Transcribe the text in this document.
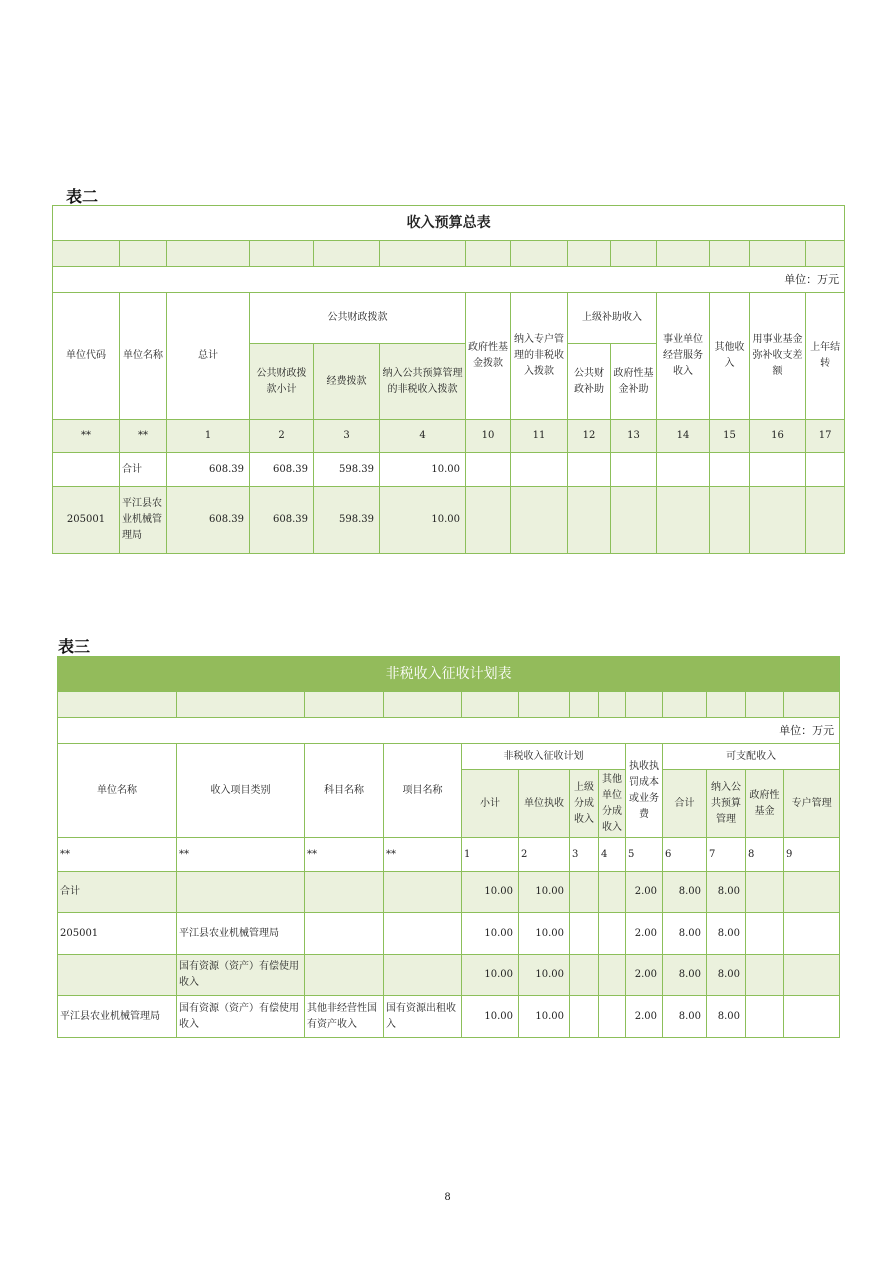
表二
收入预算总表													

单位：万元													
单位代码	单位名称	总计	公共财政拨款			政府性基金拨款	纳入专户管理的非税收入拨款	上级补助收入		事业单位经营服务收入	其他收入	用事业基金弥补收支差额	上年结转
			公共财政拨款小计	经费拨款	纳入公共预算管理的非税收入拨款			公共财政补助	政府性基金补助				

**	**	1	2	3	4	10	11	12	13	14	15	16	17
	合计	608.39	608.39	598.39	10.00								
205001	平江县农业机械管理局	608.39	608.39	598.39	10.00								
表三
非税收入征收计划表												

单位：万元												
单位名称	收入项目类别	科目名称	项目名称	非税收入征收计划				执收执罚成本或业务费	可支配收入			
				小计	单位执收	上级分成收入	其他单位分成收入		合计	纳入公共预算管理	政府性基金	专户管理
**	**	**	**	1	2	3	4	5	6	7	8	9
合计				10.00	10.00			2.00	8.00	8.00		
205001	平江县农业机械管理局			10.00	10.00			2.00	8.00	8.00		
	国有资源（资产）有偿使用收入			10.00	10.00			2.00	8.00	8.00		
平江县农业机械管理局	国有资源（资产）有偿使用收入	其他非经营性国有资产收入	国有资源出租收入	10.00	10.00			2.00	8.00	8.00		
8
